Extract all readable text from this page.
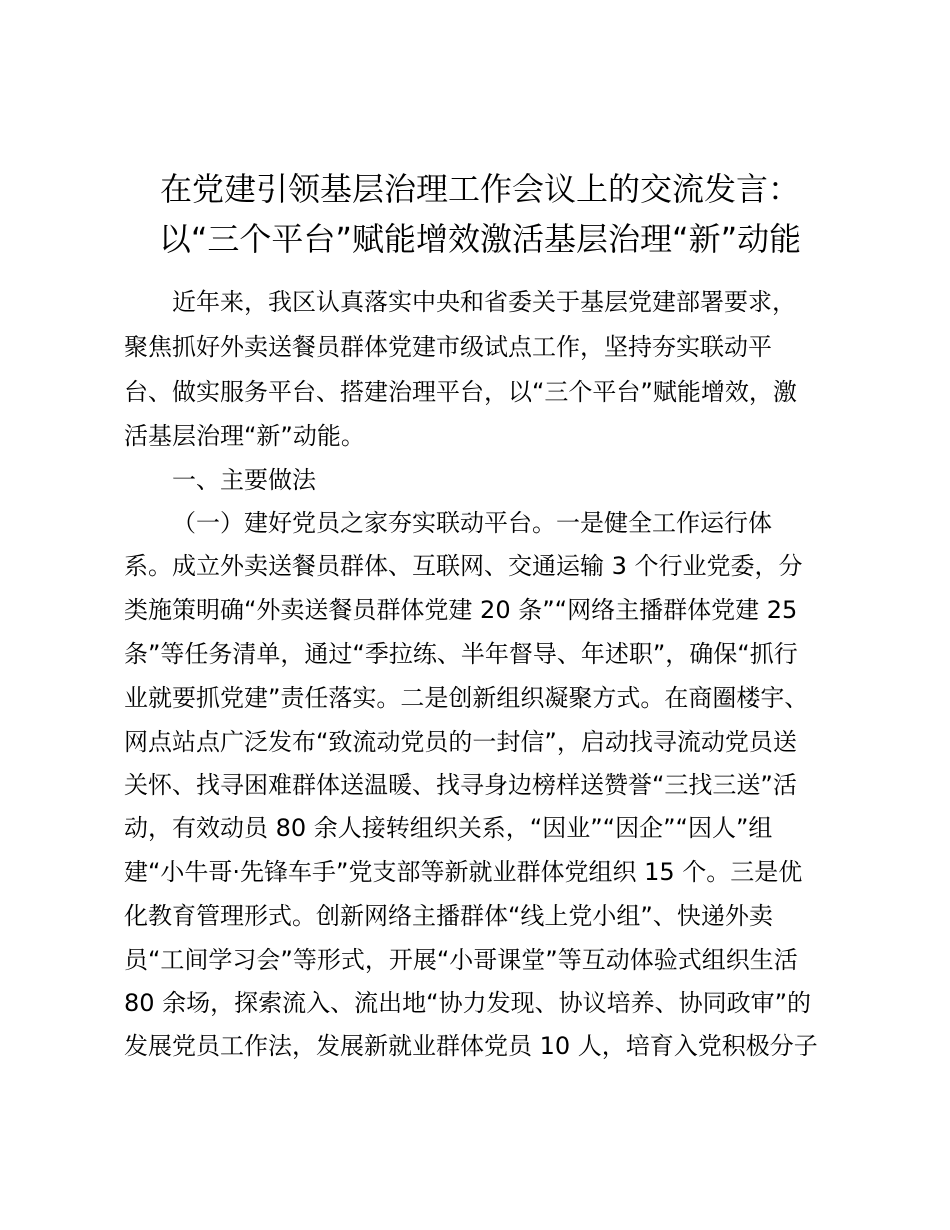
在党建引领基层治理工作会议上的交流发言：
以“三个平台”赋能增效激活基层治理“新”动能
近年来，我区认真落实中央和省委关于基层党建部署要求，
聚焦抓好外卖送餐员群体党建市级试点工作，坚持夯实联动平
台、做实服务平台、搭建治理平台，以“三个平台”赋能增效，激
活基层治理“新”动能。
一、主要做法
（一）建好党员之家夯实联动平台。一是健全工作运行体
系。成立外卖送餐员群体、互联网、交通运输 3 个行业党委，分
类施策明确“外卖送餐员群体党建 20 条”“网络主播群体党建 25
条”等任务清单，通过“季拉练、半年督导、年述职”，确保“抓行
业就要抓党建”责任落实。二是创新组织凝聚方式。在商圈楼宇、
网点站点广泛发布“致流动党员的一封信”，启动找寻流动党员送
关怀、找寻困难群体送温暖、找寻身边榜样送赞誉“三找三送”活
动，有效动员 80 余人接转组织关系，“因业”“因企”“因人”组
建“小牛哥·先锋车手”党支部等新就业群体党组织 15 个。三是优
化教育管理形式。创新网络主播群体“线上党小组”、快递外卖
员“工间学习会”等形式，开展“小哥课堂”等互动体验式组织生活
80 余场，探索流入、流出地“协力发现、协议培养、协同政审”的
发展党员工作法，发展新就业群体党员 10 人，培育入党积极分子
